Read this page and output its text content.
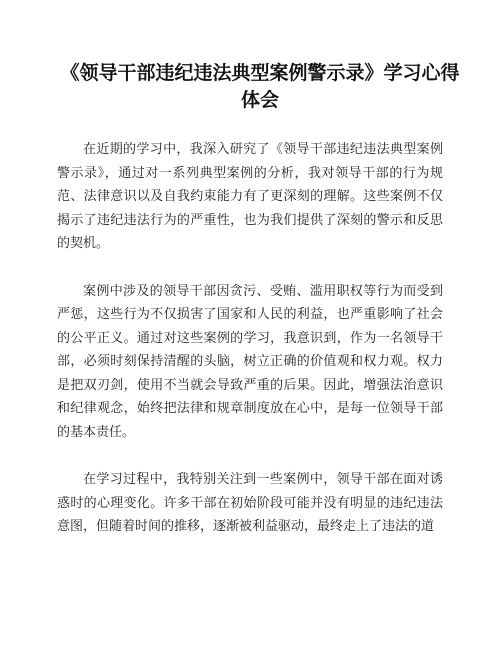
《领导干部违纪违法典型案例警示录》学习心得体会

在近期的学习中，我深入研究了《领导干部违纪违法典型案例警示录》，通过对一系列典型案例的分析，我对领导干部的行为规范、法律意识以及自我约束能力有了更深刻的理解。这些案例不仅揭示了违纪违法行为的严重性，也为我们提供了深刻的警示和反思的契机。

案例中涉及的领导干部因贪污、受贿、滥用职权等行为而受到严惩，这些行为不仅损害了国家和人民的利益，也严重影响了社会的公平正义。通过对这些案例的学习，我意识到，作为一名领导干部，必须时刻保持清醒的头脑，树立正确的价值观和权力观。权力是把双刃剑，使用不当就会导致严重的后果。因此，增强法治意识和纪律观念，始终把法律和规章制度放在心中，是每一位领导干部的基本责任。

在学习过程中，我特别关注到一些案例中，领导干部在面对诱惑时的心理变化。许多干部在初始阶段可能并没有明显的违纪违法意图，但随着时间的推移，逐渐被利益驱动，最终走上了违法的道
